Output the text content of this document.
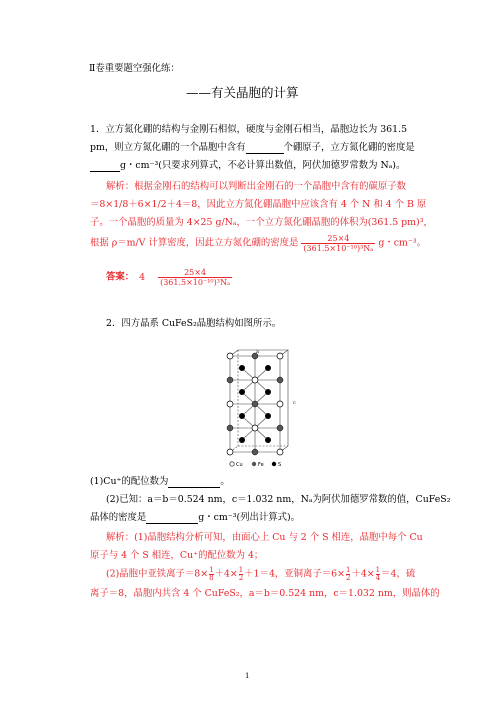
Ⅱ卷重要题空强化练：
——有关晶胞的计算
1．立方氮化硼的结构与金刚石相似，硬度与金刚石相当，晶胞边长为 361.5
pm，则立方氮化硼的一个晶胞中含有	个硼原子，立方氮化硼的密度是
g・cm⁻³(只要求列算式，不必计算出数值，阿伏加德罗常数为 Nₐ)。
解析：根据金刚石的结构可以判断出金刚石的一个晶胞中含有的碳原子数
＝8×1/8＋6×1/2＋4＝8，因此立方氮化硼晶胞中应该含有 4 个 N 和 4 个 B 原
子。一个晶胞的质量为 4×25 g/Nₐ，一个立方氮化硼晶胞的体积为(361.5 pm)³，
根据 ρ＝m/V 计算密度，因此立方氮化硼的密度是 $\frac{25\times 4}{\text{(361.5×10⁻¹⁰)³Nₐ}}$ g・cm⁻³。
答案： $4 \frac{25\times 4}{\text{(361.5×10⁻¹⁰)³Nₐ}}$
2．四方晶系 CuFeS₂晶胞结构如图所示。
a
c
Cu	Fe	S
(1)Cu⁺的配位数为	。
(2)已知：a＝b＝0.524 nm，c＝1.032 nm，Nₐ为阿伏加德罗常数的值，CuFeS₂
晶体的密度是	g・cm⁻³(列出计算式)。
解析：(1)晶胞结构分析可知，由面心上 Cu 与 2 个 S 相连，晶胞中每个 Cu
原子与 4 个 S 相连，Cu⁺的配位数为 4；
(2)晶胞中亚铁离子$=8\times \frac{1}{8} +4\times \frac{1}{2} +1=4$，亚铜离子$=6\times \frac{1}{2} +4\times \frac{1}{4} =4$，硫
离子＝8，晶胞内共含 4 个 CuFeS₂，a＝b＝0.524 nm，c＝1.032 nm，则晶体的
1
